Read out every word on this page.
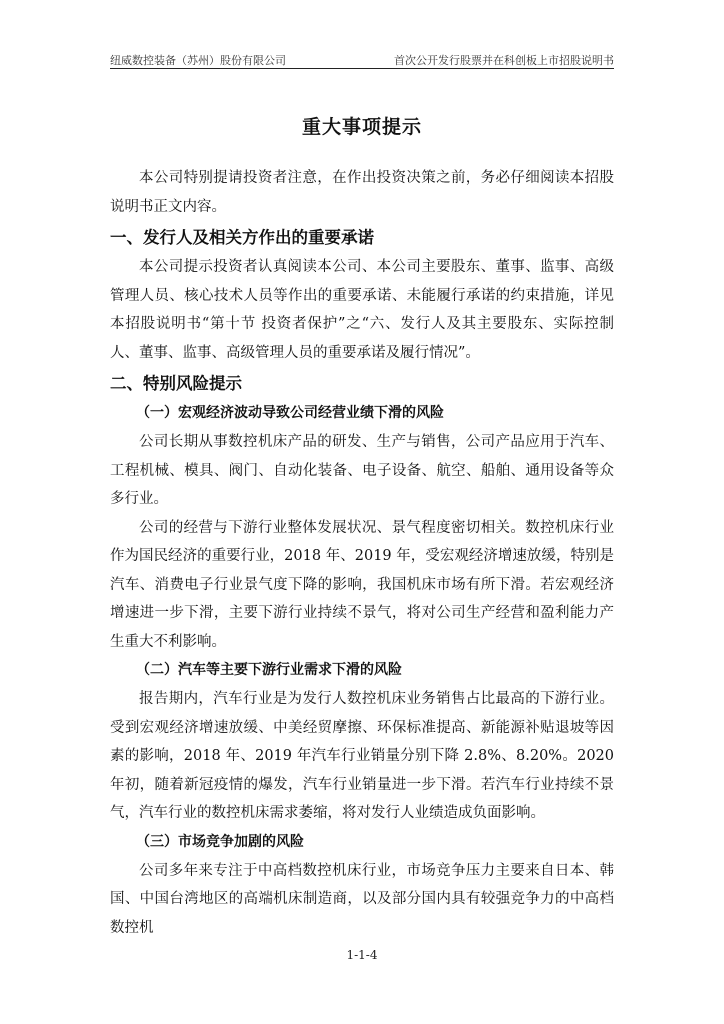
纽威数控装备（苏州）股份有限公司	首次公开发行股票并在科创板上市招股说明书
重大事项提示

本公司特别提请投资者注意，在作出投资决策之前，务必仔细阅读本招股说明书正文内容。

一、发行人及相关方作出的重要承诺

本公司提示投资者认真阅读本公司、本公司主要股东、董事、监事、高级管理人员、核心技术人员等作出的重要承诺、未能履行承诺的约束措施，详见本招股说明书“第十节 投资者保护”之“六、发行人及其主要股东、实际控制人、董事、监事、高级管理人员的重要承诺及履行情况”。

二、特别风险提示
（一）宏观经济波动导致公司经营业绩下滑的风险

公司长期从事数控机床产品的研发、生产与销售，公司产品应用于汽车、工程机械、模具、阀门、自动化装备、电子设备、航空、船舶、通用设备等众多行业。

公司的经营与下游行业整体发展状况、景气程度密切相关。数控机床行业作为国民经济的重要行业，2018 年、2019 年，受宏观经济增速放缓，特别是汽车、消费电子行业景气度下降的影响，我国机床市场有所下滑。若宏观经济增速进一步下滑，主要下游行业持续不景气，将对公司生产经营和盈利能力产生重大不利影响。

（二）汽车等主要下游行业需求下滑的风险

报告期内，汽车行业是为发行人数控机床业务销售占比最高的下游行业。受到宏观经济增速放缓、中美经贸摩擦、环保标准提高、新能源补贴退坡等因素的影响，2018 年、2019 年汽车行业销量分别下降 2.8%、8.20%。2020 年初，随着新冠疫情的爆发，汽车行业销量进一步下滑。若汽车行业持续不景气，汽车行业的数控机床需求萎缩，将对发行人业绩造成负面影响。

（三）市场竞争加剧的风险

公司多年来专注于中高档数控机床行业，市场竞争压力主要来自日本、韩国、中国台湾地区的高端机床制造商，以及部分国内具有较强竞争力的中高档数控机

1-1-4
